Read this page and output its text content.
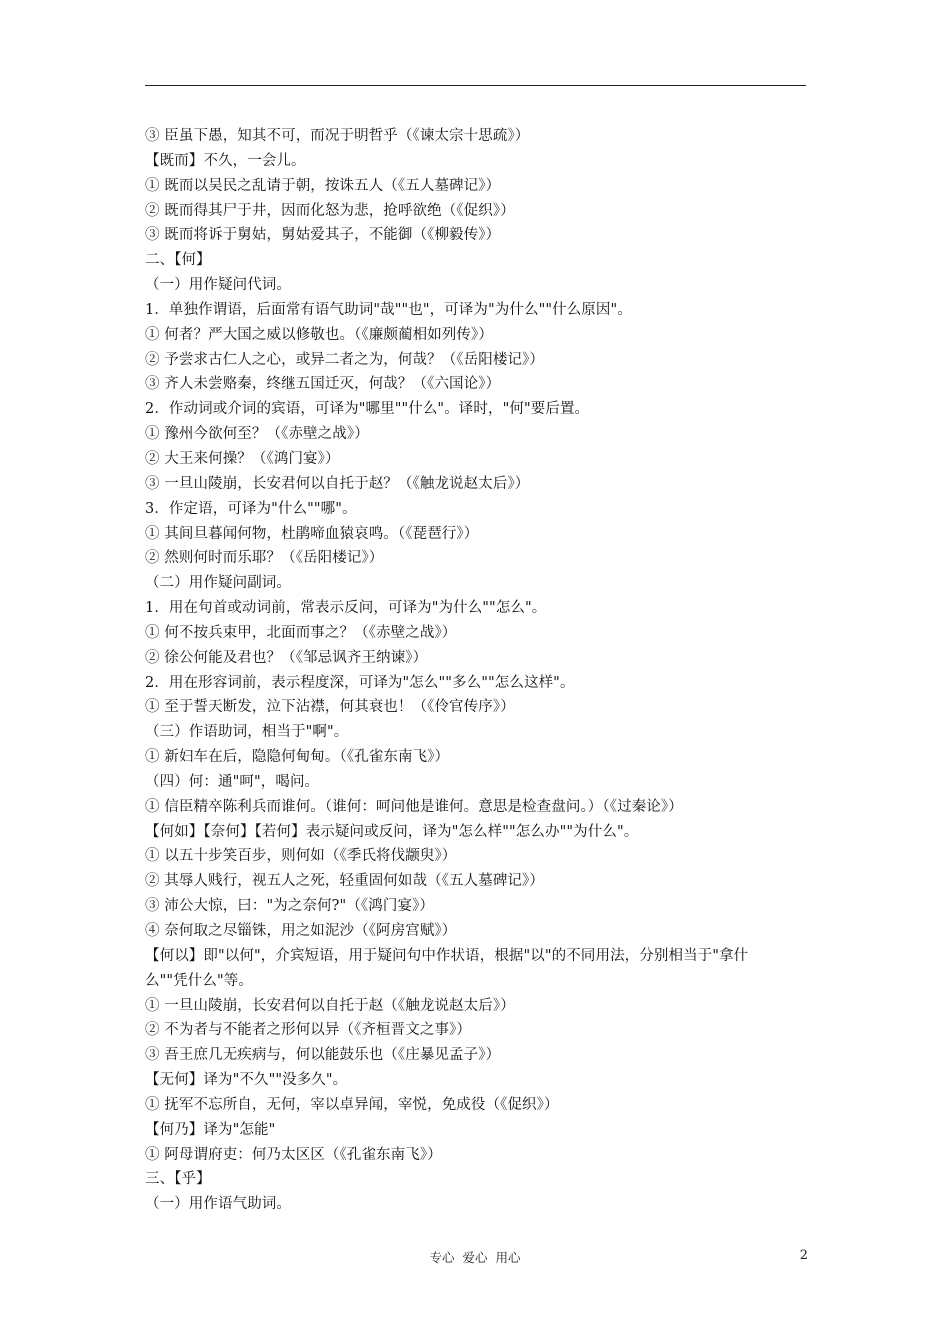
③ 臣虽下愚，知其不可，而况于明哲乎（《谏太宗十思疏》）
【既而】不久，一会儿。
① 既而以吴民之乱请于朝，按诛五人（《五人墓碑记》）
② 既而得其尸于井，因而化怒为悲，抢呼欲绝（《促织》）
③ 既而将诉于舅姑，舅姑爱其子，不能御（《柳毅传》）
二、【何】
（一）用作疑问代词。
1．单独作谓语，后面常有语气助词"哉""也"，可译为"为什么""什么原因"。
① 何者？严大国之威以修敬也。（《廉颇蔺相如列传》）
② 予尝求古仁人之心，或异二者之为，何哉？（《岳阳楼记》）
③ 齐人未尝赂秦，终继五国迁灭，何哉？（《六国论》）
2．作动词或介词的宾语，可译为"哪里""什么"。译时，"何"要后置。
① 豫州今欲何至？（《赤壁之战》）
② 大王来何操？（《鸿门宴》）
③ 一旦山陵崩，长安君何以自托于赵？（《触龙说赵太后》）
3．作定语，可译为"什么""哪"。
① 其间旦暮闻何物，杜鹃啼血猿哀鸣。（《琵琶行》）
② 然则何时而乐耶？（《岳阳楼记》）
（二）用作疑问副词。
1．用在句首或动词前，常表示反问，可译为"为什么""怎么"。
① 何不按兵束甲，北面而事之？（《赤壁之战》）
② 徐公何能及君也？（《邹忌讽齐王纳谏》）
2．用在形容词前，表示程度深，可译为"怎么""多么""怎么这样"。
① 至于誓天断发，泣下沾襟，何其衰也！（《伶官传序》）
（三）作语助词，相当于"啊"。
① 新妇车在后，隐隐何甸甸。（《孔雀东南飞》）
（四）何：通"呵"，喝问。
① 信臣精卒陈利兵而谁何。（谁何：呵问他是谁何。意思是检查盘问。）（《过秦论》）
【何如】【奈何】【若何】表示疑问或反问，译为"怎么样""怎么办""为什么"。
① 以五十步笑百步，则何如（《季氏将伐颛臾》）
② 其辱人贱行，视五人之死，轻重固何如哉（《五人墓碑记》）
③ 沛公大惊，曰："为之奈何?"（《鸿门宴》）
④ 奈何取之尽锱铢，用之如泥沙（《阿房宫赋》）
【何以】即"以何"，介宾短语，用于疑问句中作状语，根据"以"的不同用法，分别相当于"拿什
么""凭什么"等。
① 一旦山陵崩，长安君何以自托于赵（《触龙说赵太后》）
② 不为者与不能者之形何以异（《齐桓晋文之事》）
③ 吾王庶几无疾病与，何以能鼓乐也（《庄暴见孟子》）
【无何】译为"不久""没多久"。
① 抚军不忘所自，无何，宰以卓异闻，宰悦，免成役（《促织》）
【何乃】译为"怎能"
① 阿母谓府吏：何乃太区区（《孔雀东南飞》）
三、【乎】
（一）用作语气助词。
专心  爱心  用心	2
